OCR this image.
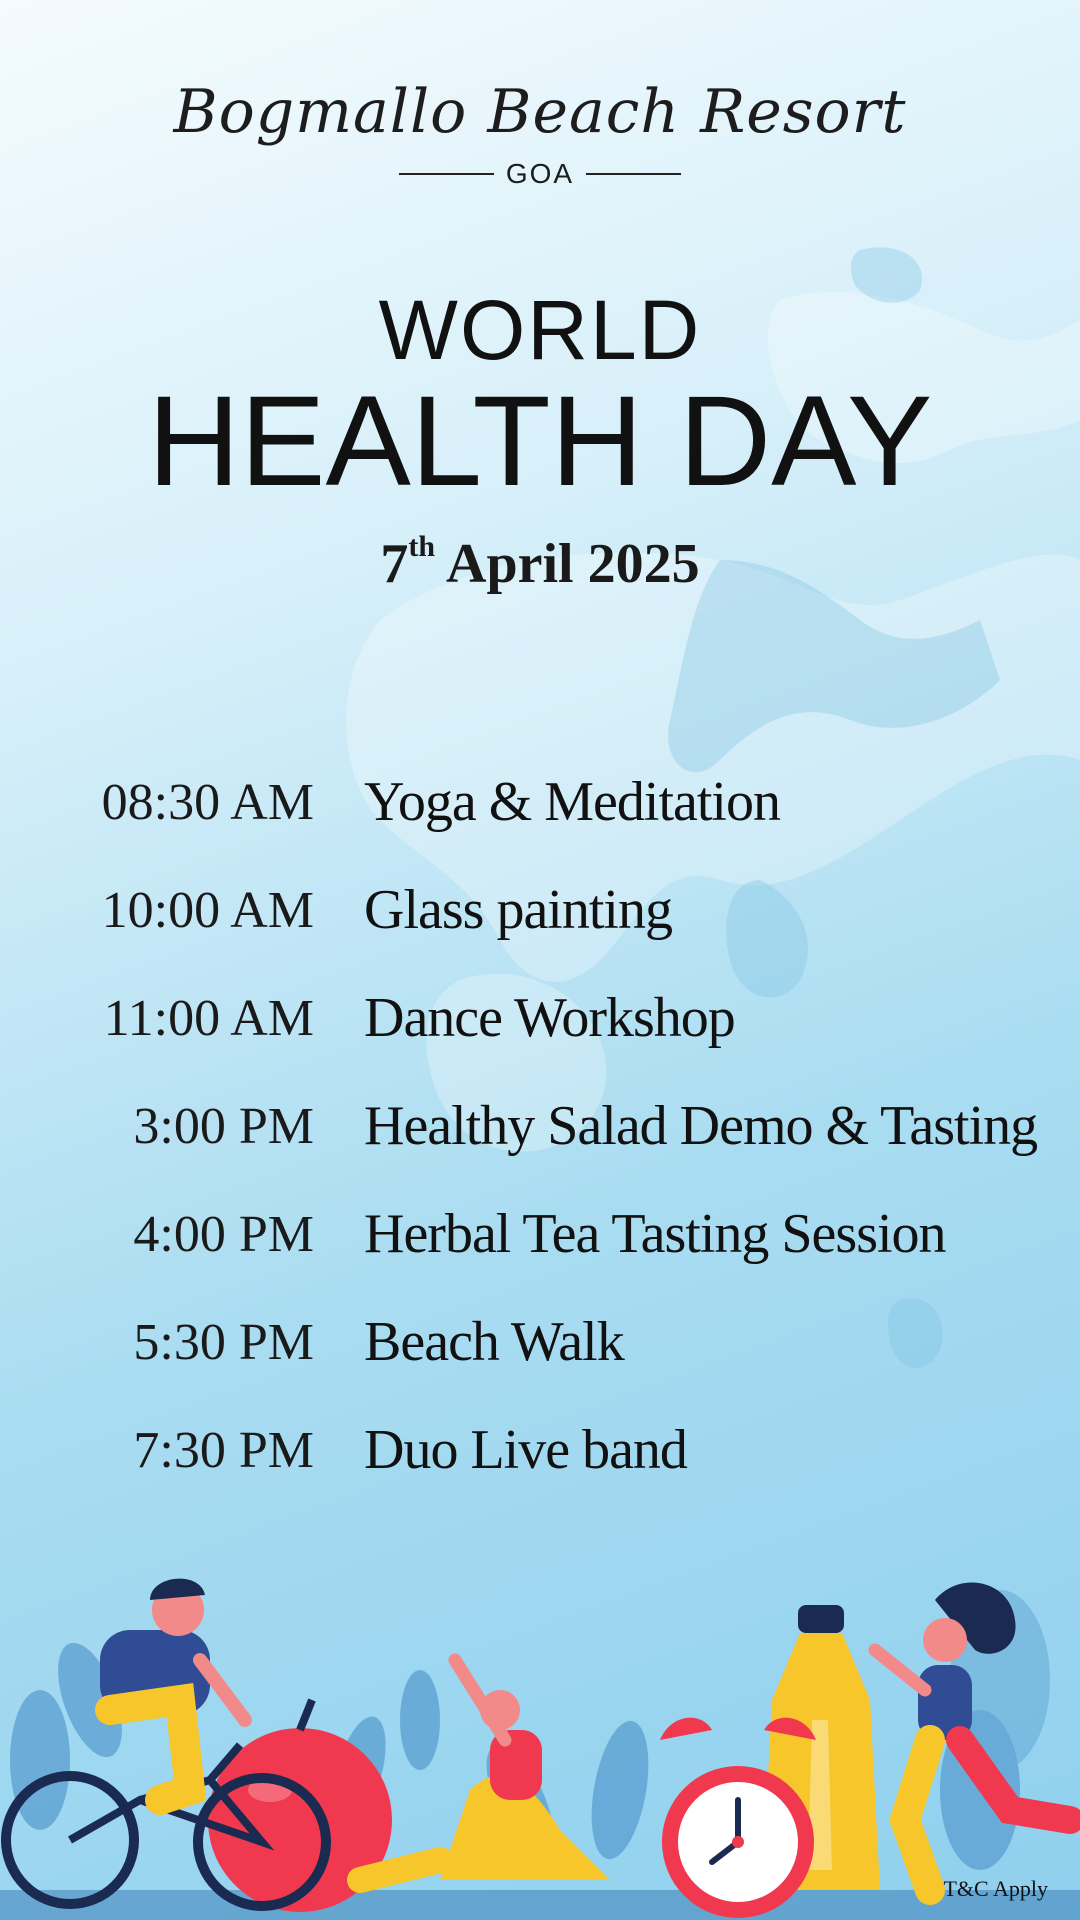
Bogmallo Beach Resort
GOA
WORLD
HEALTH DAY
7th April 2025
08:30 AM Yoga & Meditation
10:00 AM Glass painting
11:00 AM Dance Workshop
3:00 PM Healthy Salad Demo & Tasting
4:00 PM Herbal Tea Tasting Session
5:30 PM Beach Walk
7:30 PM Duo Live band
T&C Apply
